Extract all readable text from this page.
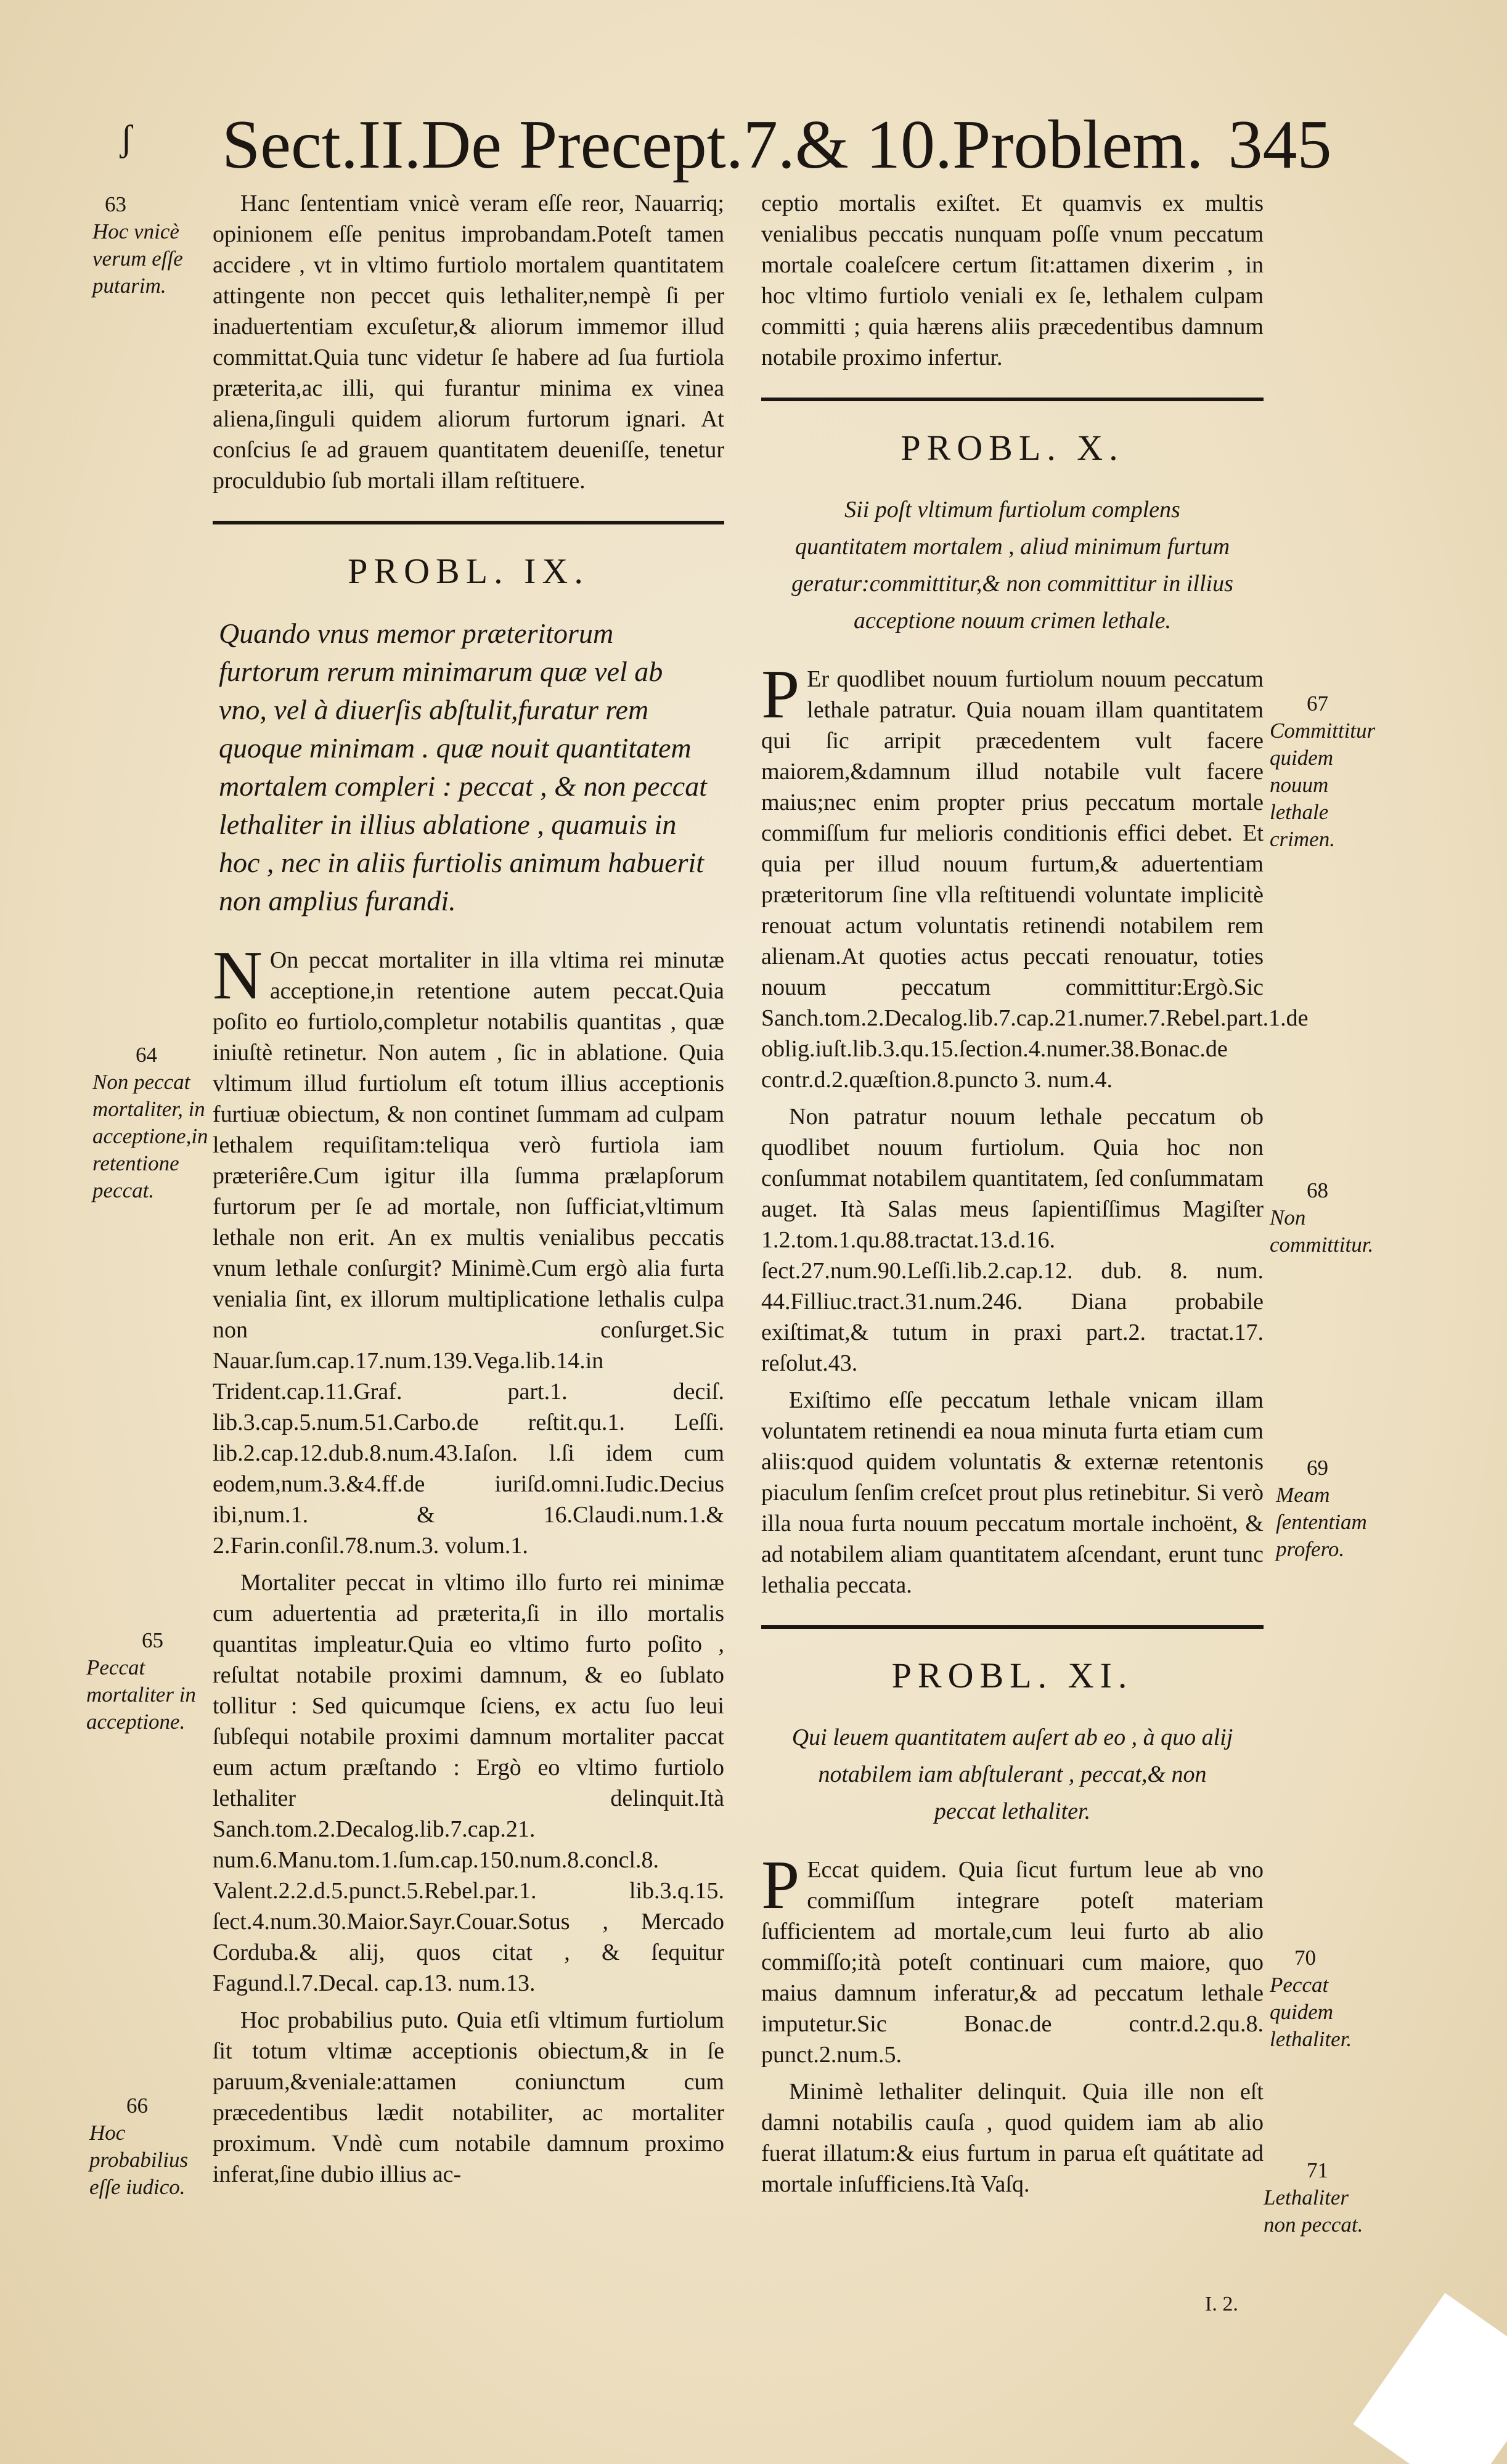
ʃ Sect.II.De Precept.7.& 10.Problem. 345

Hanc ſententiam vnicè veram eſſe reor, Nauarriq; opinionem eſſe penitus improbandam.Poteſt tamen accidere , vt in vltimo furtiolo mortalem quantitatem attingente non peccet quis lethaliter,nempè ſi per inaduertentiam excuſetur,& aliorum immemor illud committat.Quia tunc videtur ſe habere ad ſua furtiola præterita,ac illi, qui furantur minima ex vinea aliena,ſinguli quidem aliorum furtorum ignari. At conſcius ſe ad grauem quantitatem deueniſſe, tenetur proculdubio ſub mortali illam reſtituere.

PROBL. IX.
Quando vnus memor præteritorum furtorum rerum minimarum quæ vel ab vno, vel à diuerſis abſtulit,furatur rem quoque minimam . quæ nouit quantitatem mortalem compleri : peccat , & non peccat lethaliter in illius ablatione , quamuis in hoc , nec in aliis furtiolis animum habuerit non amplius furandi.

N On peccat mortaliter in illa vltima rei minutæ acceptione,in retentione autem peccat.Quia poſito eo furtiolo,completur notabilis quantitas , quæ iniuſtè retinetur. Non autem , ſic in ablatione. Quia vltimum illud furtiolum eſt totum illius acceptionis furtiuæ obiectum, & non continet ſummam ad culpam lethalem requiſitam:teliqua verò furtiola iam præteriêre.Cum igitur illa ſumma prælapſorum furtorum per ſe ad mortale, non ſufficiat,vltimum lethale non erit. An ex multis venialibus peccatis vnum lethale conſurgit? Minimè.Cum ergò alia furta venialia ſint, ex illorum multiplicatione lethalis culpa non conſurget.Sic Nauar.ſum.cap.17.num.139.Vega.lib.14.in Trident.cap.11.Graf. part.1. deciſ. lib.3.cap.5.num.51.Carbo.de reſtit.qu.1. Leſſi. lib.2.cap.12.dub.8.num.43.Iaſon. l.ſi idem cum eodem,num.3.&4.ff.de iuriſd.omni.Iudic.Decius ibi,num.1. & 16.Claudi.num.1.& 2.Farin.conſil.78.num.3. volum.1.

Mortaliter peccat in vltimo illo furto rei minimæ cum aduertentia ad præterita,ſi in illo mortalis quantitas impleatur.Quia eo vltimo furto poſito , reſultat notabile proximi damnum, & eo ſublato tollitur : Sed quicumque ſciens, ex actu ſuo leui ſubſequi notabile proximi damnum mortaliter paccat eum actum præſtando : Ergò eo vltimo furtiolo lethaliter delinquit.Ità Sanch.tom.2.Decalog.lib.7.cap.21. num.6.Manu.tom.1.ſum.cap.150.num.8.concl.8. Valent.2.2.d.5.punct.5.Rebel.par.1. lib.3.q.15. ſect.4.num.30.Maior.Sayr.Couar.Sotus , Mercado Corduba.& alij, quos citat , & ſequitur Fagund.l.7.Decal. cap.13. num.13.

Hoc probabilius puto. Quia etſi vltimum furtiolum ſit totum vltimæ acceptionis obiectum,& in ſe paruum,&veniale:attamen coniunctum cum præcedentibus lædit notabiliter, ac mortaliter proximum. Vndè cum notabile damnum proximo inferat,ſine dubio illius ac-

63
Hoc vnicè verum eſſe putarim.
64
Non peccat mortaliter, in acceptione,in retentione peccat.
65
Peccat mortaliter in acceptione.
66
Hoc probabilius eſſe iudico.

ceptio mortalis exiſtet. Et quamvis ex multis venialibus peccatis nunquam poſſe vnum peccatum mortale coaleſcere certum ſit:attamen dixerim , in hoc vltimo furtiolo veniali ex ſe, lethalem culpam committi ; quia hærens aliis præcedentibus damnum notabile proximo infertur.

PROBL. X.
Sii poſt vltimum furtiolum complens quantitatem mortalem , aliud minimum furtum geratur:committitur,& non committitur in illius acceptione nouum crimen lethale.

P Er quodlibet nouum furtiolum nouum peccatum lethale patratur. Quia nouam illam quantitatem qui ſic arripit præcedentem vult facere maiorem,&damnum illud notabile vult facere maius;nec enim propter prius peccatum mortale commiſſum fur melioris conditionis effici debet. Et quia per illud nouum furtum,& aduertentiam præteritorum ſine vlla reſtituendi voluntate implicitè renouat actum voluntatis retinendi notabilem rem alienam.At quoties actus peccati renouatur, toties nouum peccatum committitur:Ergò.Sic Sanch.tom.2.Decalog.lib.7.cap.21.numer.7.Rebel.part.1.de oblig.iuſt.lib.3.qu.15.ſection.4.numer.38.Bonac.de contr.d.2.quæſtion.8.puncto 3. num.4.

Non patratur nouum lethale peccatum ob quodlibet nouum furtiolum. Quia hoc non conſummat notabilem quantitatem, ſed conſummatam auget. Ità Salas meus ſapientiſſimus Magiſter 1.2.tom.1.qu.88.tractat.13.d.16. ſect.27.num.90.Leſſi.lib.2.cap.12. dub. 8. num. 44.Filliuc.tract.31.num.246. Diana probabile exiſtimat,& tutum in praxi part.2. tractat.17. reſolut.43.

Exiſtimo eſſe peccatum lethale vnicam illam voluntatem retinendi ea noua minuta furta etiam cum aliis:quod quidem voluntatis & externæ retentonis piaculum ſenſim creſcet prout plus retinebitur. Si verò illa noua furta nouum peccatum mortale inchoënt, & ad notabilem aliam quantitatem aſcendant, erunt tunc lethalia peccata.

PROBL. XI.
Qui leuem quantitatem auſert ab eo , à quo alij notabilem iam abſtulerant , peccat,& non peccat lethaliter.

P Eccat quidem. Quia ſicut furtum leue ab vno commiſſum integrare poteſt materiam ſufficientem ad mortale,cum leui furto ab alio commiſſo;ità poteſt continuari cum maiore, quo maius damnum inferatur,& ad peccatum lethale imputetur.Sic Bonac.de contr.d.2.qu.8. punct.2.num.5.

Minimè lethaliter delinquit. Quia ille non eſt damni notabilis cauſa , quod quidem iam ab alio fuerat illatum:& eius furtum in parua eſt quátitate ad mortale inſufficiens.Ità Vaſq.

67
Committitur quidem nouum lethale crimen.
68
Non committitur.
69
Meam ſententiam profero.
70
Peccat quidem lethaliter.
71
Lethaliter non peccat.
I. 2.
